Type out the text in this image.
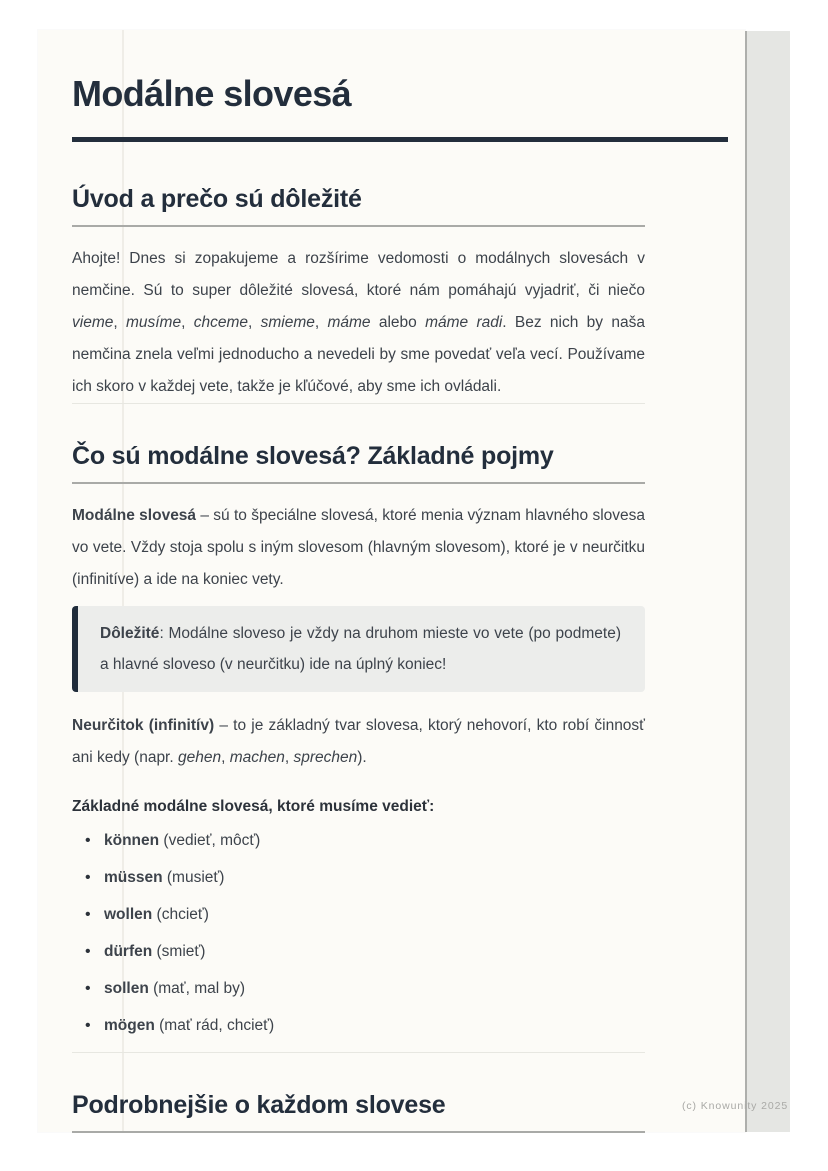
Modálne slovesá
Úvod a prečo sú dôležité

Ahojte! Dnes si zopakujeme a rozšírime vedomosti o modálnych slovesách v nemčine. Sú to super dôležité slovesá, ktoré nám pomáhajú vyjadriť, či niečo vieme, musíme, chceme, smieme, máme alebo máme radi. Bez nich by naša nemčina znela veľmi jednoducho a nevedeli by sme povedať veľa vecí. Používame ich skoro v každej vete, takže je kľúčové, aby sme ich ovládali.

Čo sú modálne slovesá? Základné pojmy

Modálne slovesá – sú to špeciálne slovesá, ktoré menia význam hlavného slovesa vo vete. Vždy stoja spolu s iným slovesom (hlavným slovesom), ktoré je v neurčitku (infinitíve) a ide na koniec vety.

Dôležité: Modálne sloveso je vždy na druhom mieste vo vete (po podmete) a hlavné sloveso (v neurčitku) ide na úplný koniec!

Neurčitok (infinitív) – to je základný tvar slovesa, ktorý nehovorí, kto robí činnosť ani kedy (napr. gehen, machen, sprechen).

Základné modálne slovesá, ktoré musíme vedieť:

• können (vedieť, môcť)
• müssen (musieť)
• wollen (chcieť)
• dürfen (smieť)
• sollen (mať, mal by)
• mögen (mať rád, chcieť)
Podrobnejšie o každom slovese	(c) Knowunity 2025
